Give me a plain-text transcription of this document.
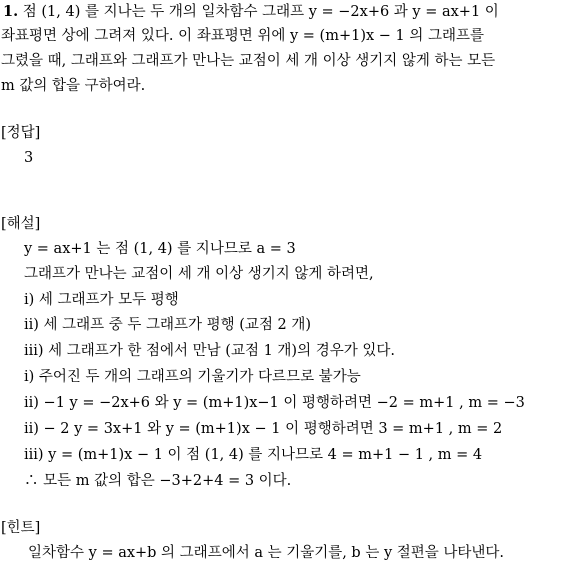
1. 점 (1, 4) 를 지나는 두 개의 일차함수 그래프 y = −2x+6 과 y = ax+1 이
좌표평면 상에 그려져 있다. 이 좌표평면 위에 y = (m+1)x − 1 의 그래프를
그렸을 때, 그래프와 그래프가 만나는 교점이 세 개 이상 생기지 않게 하는 모든
m 값의 합을 구하여라.
[정답]
3
[해설]
y = ax+1 는 점 (1, 4) 를 지나므로 a = 3
그래프가 만나는 교점이 세 개 이상 생기지 않게 하려면,
i) 세 그래프가 모두 평행
ii) 세 그래프 중 두 그래프가 평행 (교점 2 개)
iii) 세 그래프가 한 점에서 만남 (교점 1 개)의 경우가 있다.
i) 주어진 두 개의 그래프의 기울기가 다르므로 불가능
ii) −1 y = −2x+6 와 y = (m+1)x−1 이 평행하려면 −2 = m+1 , m = −3
ii) − 2 y = 3x+1 와 y = (m+1)x − 1 이 평행하려면 3 = m+1 , m = 2
iii) y = (m+1)x − 1 이 점 (1, 4) 를 지나므로 4 = m+1 − 1 , m = 4
∴ 모든 m 값의 합은 −3+2+4 = 3 이다.
[힌트]
일차함수 y = ax+b 의 그래프에서 a 는 기울기를, b 는 y 절편을 나타낸다.
